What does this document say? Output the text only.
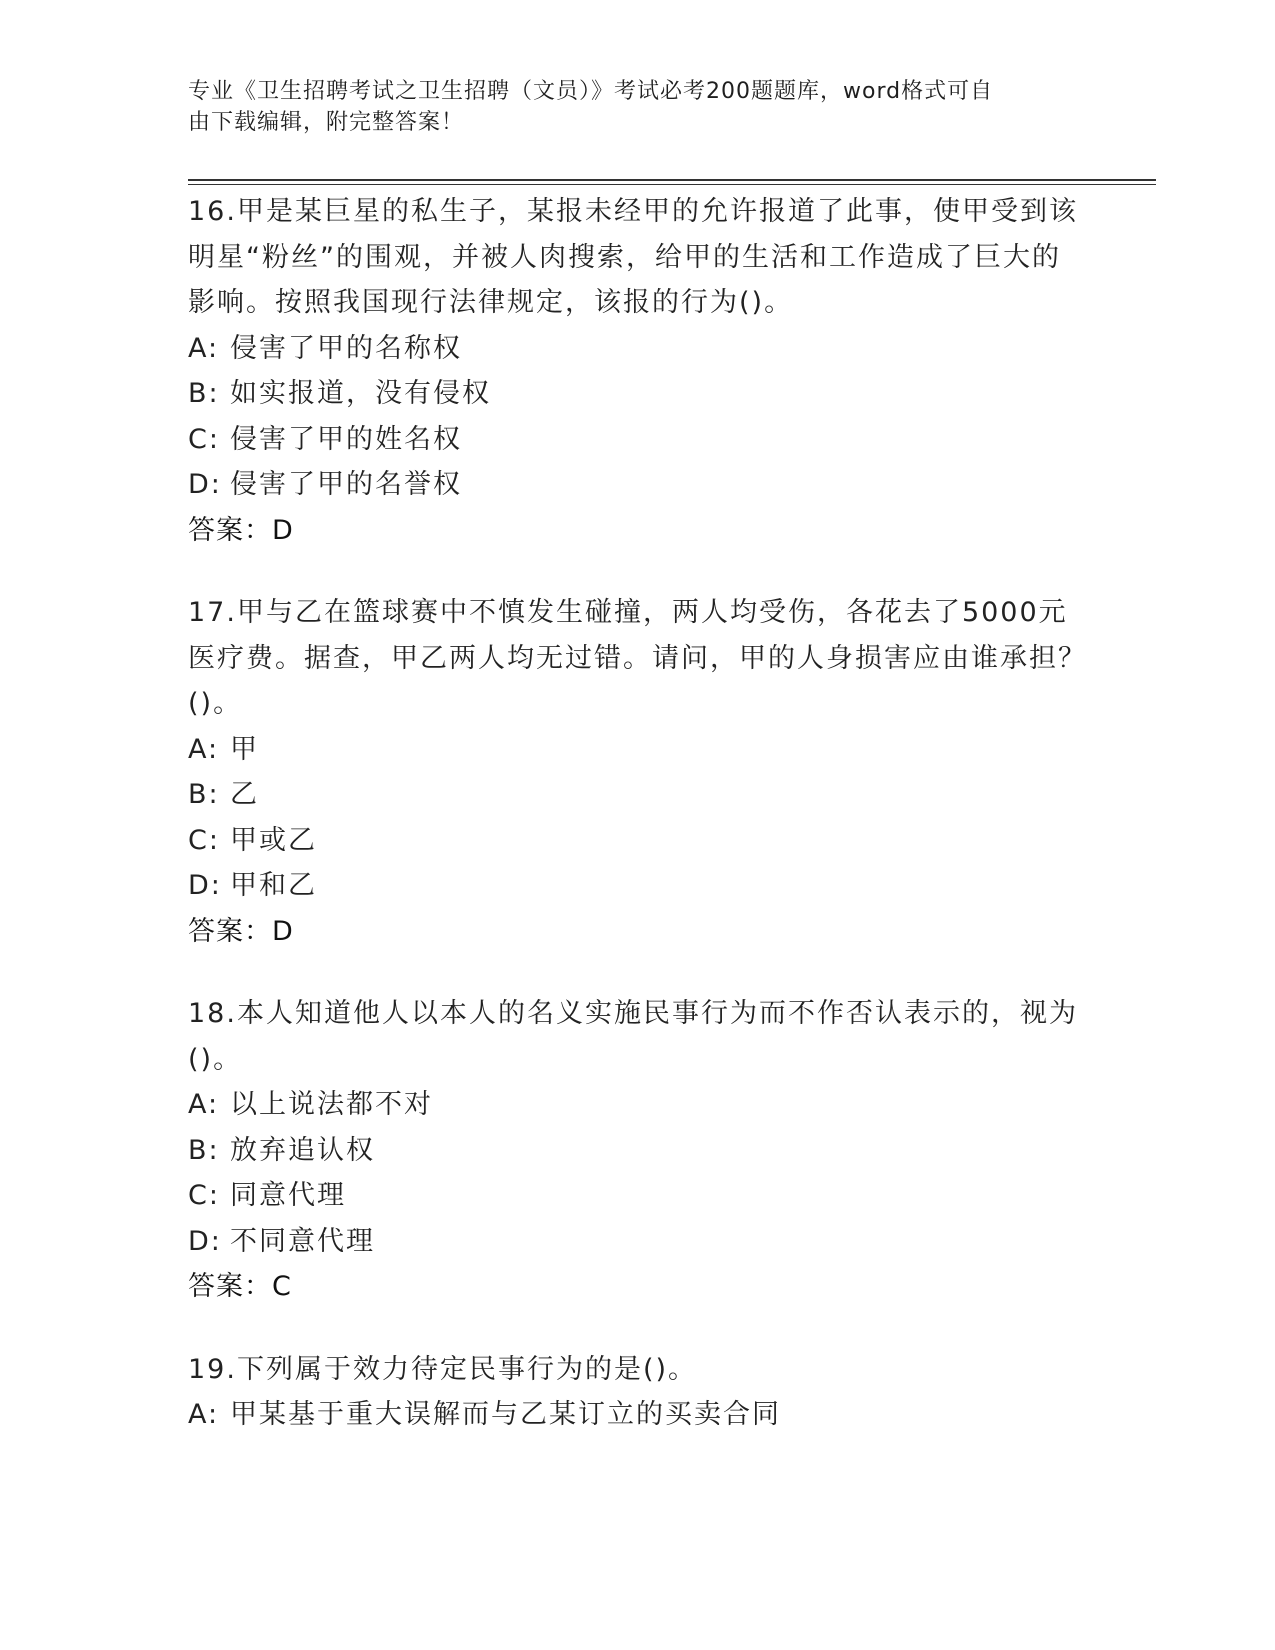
专业《卫生招聘考试之卫生招聘（文员）》考试必考200题题库，word格式可自
由下载编辑，附完整答案！
16.甲是某巨星的私生子，某报未经甲的允许报道了此事，使甲受到该明星“粉丝”的围观，并被人肉搜索，给甲的生活和工作造成了巨大的影响。按照我国现行法律规定，该报的行为()。
A: 侵害了甲的名称权
B: 如实报道，没有侵权
C: 侵害了甲的姓名权
D: 侵害了甲的名誉权
答案：D
17.甲与乙在篮球赛中不慎发生碰撞，两人均受伤，各花去了5000元医疗费。据查，甲乙两人均无过错。请问，甲的人身损害应由谁承担？()。
A: 甲
B: 乙
C: 甲或乙
D: 甲和乙
答案：D
18.本人知道他人以本人的名义实施民事行为而不作否认表示的，视为()。
A: 以上说法都不对
B: 放弃追认权
C: 同意代理
D: 不同意代理
答案：C
19.下列属于效力待定民事行为的是()。
A: 甲某基于重大误解而与乙某订立的买卖合同
